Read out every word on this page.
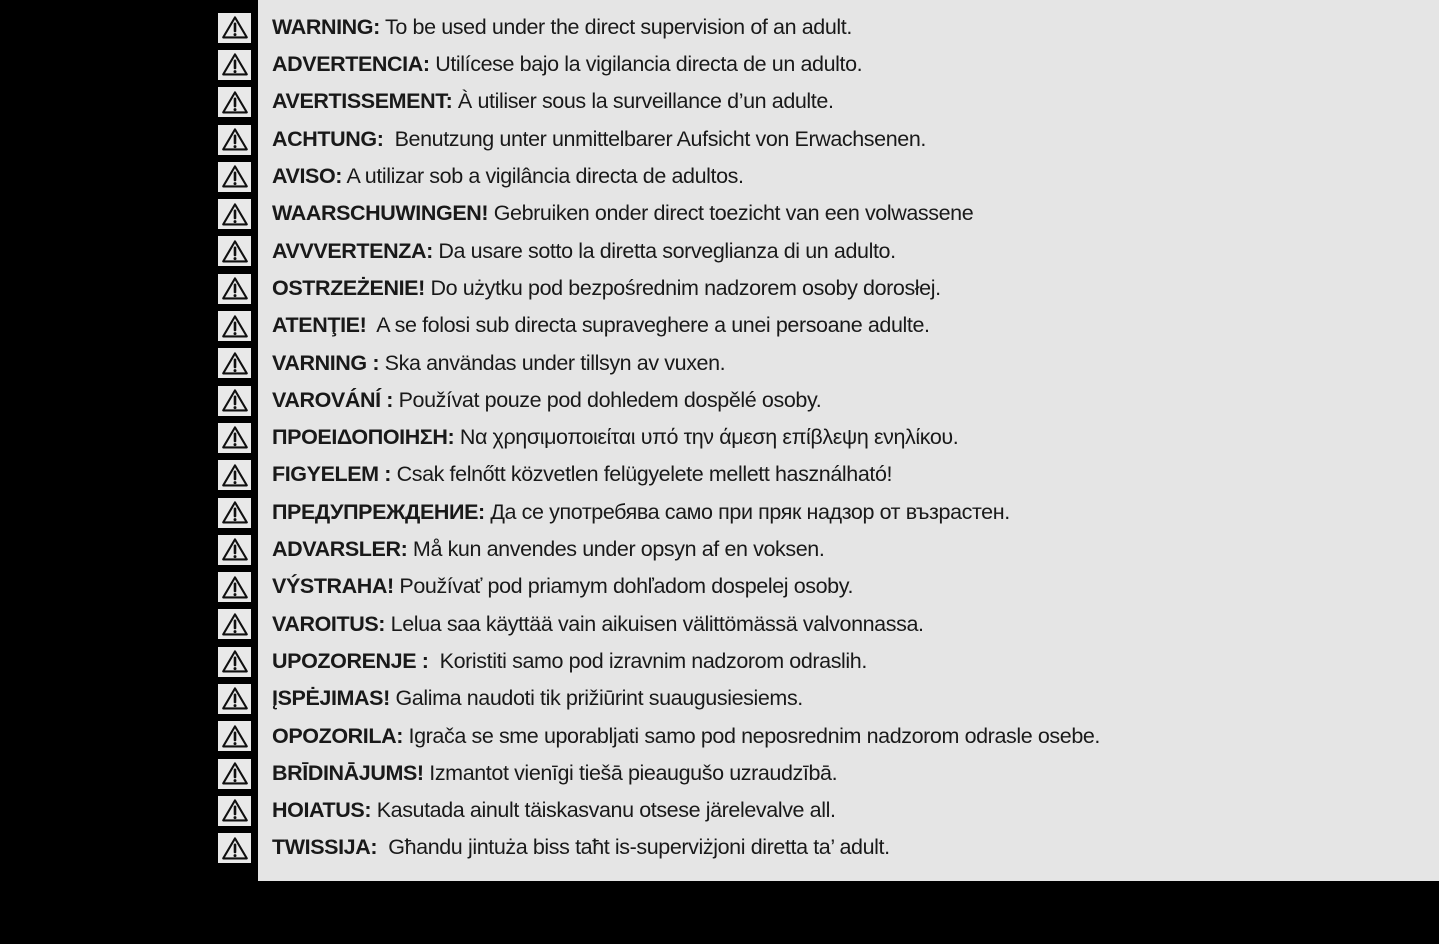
WARNING: To be used under the direct supervision of an adult.

ADVERTENCIA: Utilícese bajo la vigilancia directa de un adulto.

AVERTISSEMENT: À utiliser sous la surveillance d’un adulte.

ACHTUNG:  Benutzung unter unmittelbarer Aufsicht von Erwachsenen.

AVISO: A utilizar sob a vigilância directa de adultos.

WAARSCHUWINGEN! Gebruiken onder direct toezicht van een volwassene

AVVVERTENZA: Da usare sotto la diretta sorveglianza di un adulto.

OSTRZEŻENIE! Do użytku pod bezpośrednim nadzorem osoby dorosłej.

ATENŢIE!  A se folosi sub directa supraveghere a unei persoane adulte.

VARNING : Ska användas under tillsyn av vuxen.

VAROVÁNÍ : Používat pouze pod dohledem dospělé osoby.

ΠΡΟΕΙΔΟΠΟΙΗΣΗ: Να χρησιμοποιείται υπό την άμεση επίβλεψη ενηλίκου.

FIGYELEM : Csak felnőtt közvetlen felügyelete mellett használható!

ПРЕДУПРЕЖДЕНИЕ: Да се употребява само при пряк надзор от възрастен.

ADVARSLER: Må kun anvendes under opsyn af en voksen.

VÝSTRAHA! Používať pod priamym dohľadom dospelej osoby.

VAROITUS: Lelua saa käyttää vain aikuisen välittömässä valvonnassa.

UPOZORENJE :  Koristiti samo pod izravnim nadzorom odraslih.

ĮSPĖJIMAS! Galima naudoti tik prižiūrint suaugusiesiems.

OPOZORILA: Igrača se sme uporabljati samo pod neposrednim nadzorom odrasle osebe.

BRĪDINĀJUMS! Izmantot vienīgi tiešā pieaugušo uzraudzībā.

HOIATUS: Kasutada ainult täiskasvanu otsese järelevalve all.

TWISSIJA:  Għandu jintuża biss taħt is-superviżjoni diretta ta’ adult.
